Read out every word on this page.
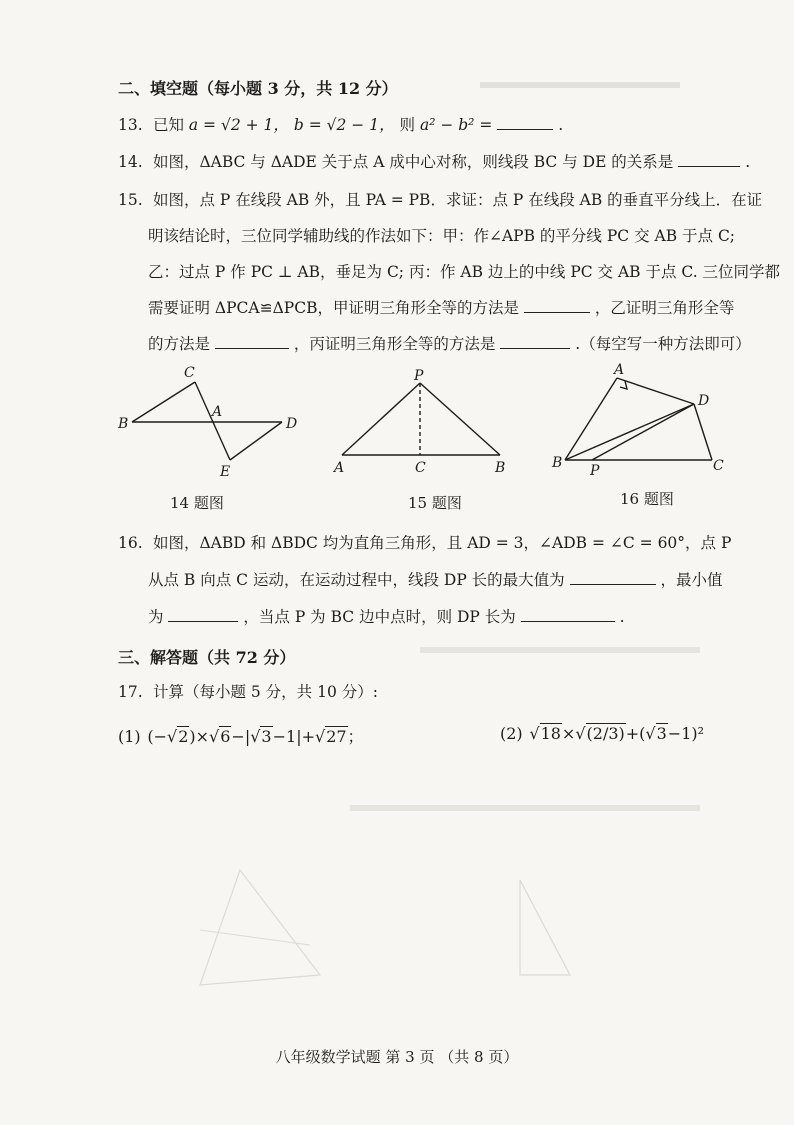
二、填空题（每小题 3 分，共 12 分）
13. 已知 a = √2 + 1， b = √2 − 1， 则 a² − b² =	.
14. 如图，ΔABC 与 ΔADE 关于点 A 成中心对称，则线段 BC 与 DE 的关系是	.
15. 如图，点 P 在线段 AB 外，且 PA = PB．求证：点 P 在线段 AB 的垂直平分线上．在证
明该结论时，三位同学辅助线的作法如下：甲：作∠APB 的平分线 PC 交 AB 于点 C;
乙：过点 P 作 PC ⊥ AB，垂足为 C; 丙：作 AB 边上的中线 PC 交 AB 于点 C. 三位同学都
需要证明 ΔPCA≌ΔPCB，甲证明三角形全等的方法是	，乙证明三角形全等
的方法是	，丙证明三角形全等的方法是	.（每空写一种方法即可）
C
B
A
D
E
P
A	C	B
A
D
B P	C
14 题图	15 题图	16 题图
16. 如图，ΔABD 和 ΔBDC 均为直角三角形，且 AD = 3，∠ADB = ∠C = 60°，点 P
从点 B 向点 C 运动，在运动过程中，线段 DP 长的最大值为	，最小值
为	，当点 P 为 BC 边中点时，则 DP 长为	.
三、解答题（共 72 分）
17. 计算（每小题 5 分，共 10 分）:
(1)  (−√2)×√6−|√3−1|+√27；	(2)  √18×√(2/3)+(√3−1)²
八年级数学试题 第 3 页 （共 8 页）
